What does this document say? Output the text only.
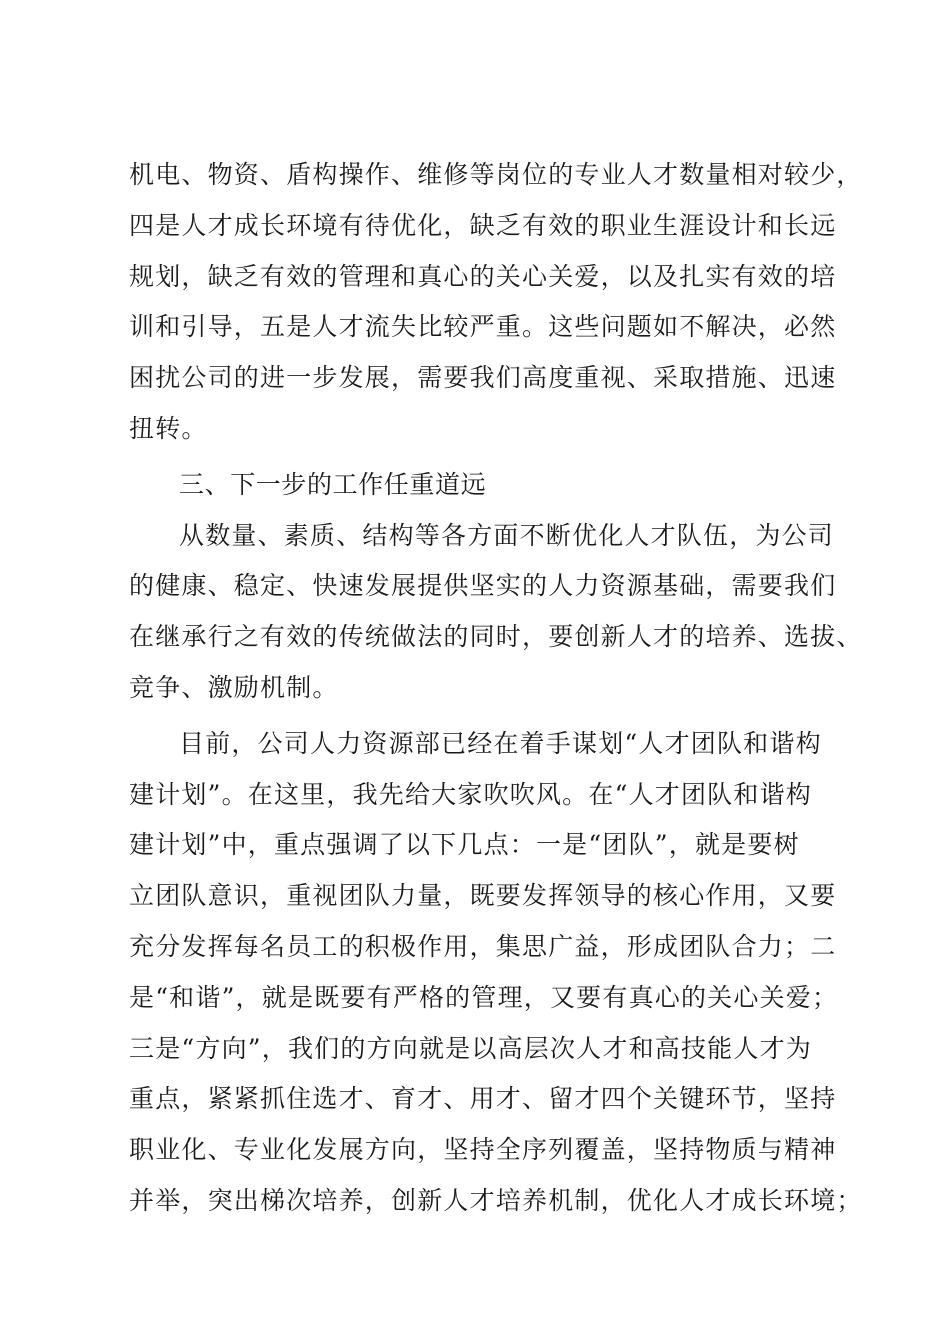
机电、物资、盾构操作、维修等岗位的专业人才数量相对较少，
四是人才成长环境有待优化，缺乏有效的职业生涯设计和长远
规划，缺乏有效的管理和真心的关心关爱，以及扎实有效的培
训和引导，五是人才流失比较严重。这些问题如不解决，必然
困扰公司的进一步发展，需要我们高度重视、采取措施、迅速
扭转。
三、下一步的工作任重道远
从数量、素质、结构等各方面不断优化人才队伍，为公司
的健康、稳定、快速发展提供坚实的人力资源基础，需要我们
在继承行之有效的传统做法的同时，要创新人才的培养、选拔、
竞争、激励机制。
目前，公司人力资源部已经在着手谋划“人才团队和谐构
建计划”。在这里，我先给大家吹吹风。在“人才团队和谐构
建计划”中，重点强调了以下几点：一是“团队”，就是要树
立团队意识，重视团队力量，既要发挥领导的核心作用，又要
充分发挥每名员工的积极作用，集思广益，形成团队合力；二
是“和谐”，就是既要有严格的管理，又要有真心的关心关爱；
三是“方向”，我们的方向就是以高层次人才和高技能人才为
重点，紧紧抓住选才、育才、用才、留才四个关键环节，坚持
职业化、专业化发展方向，坚持全序列覆盖，坚持物质与精神
并举，突出梯次培养，创新人才培养机制，优化人才成长环境；
